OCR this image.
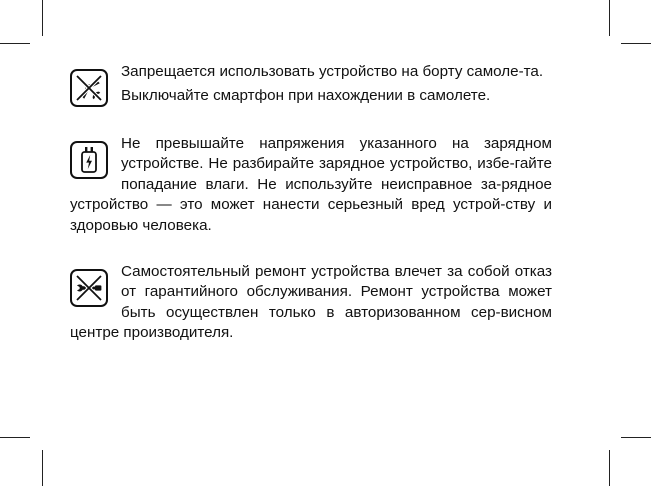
Запрещается использовать устройство на борту самоле-та.

Выключайте смартфон при нахождении в самолете.

Не превышайте напряжения указанного на зарядном устройстве. Не разбирайте зарядное устройство, избе-гайте попадание влаги. Не используйте неисправное за-рядное устройство — это может нанести серьезный вред устрой-ству и здоровью человека.

Самостоятельный ремонт устройства влечет за собой отказ от гарантийного обслуживания. Ремонт устройства может быть осуществлен только в авторизованном сер-висном центре производителя.
